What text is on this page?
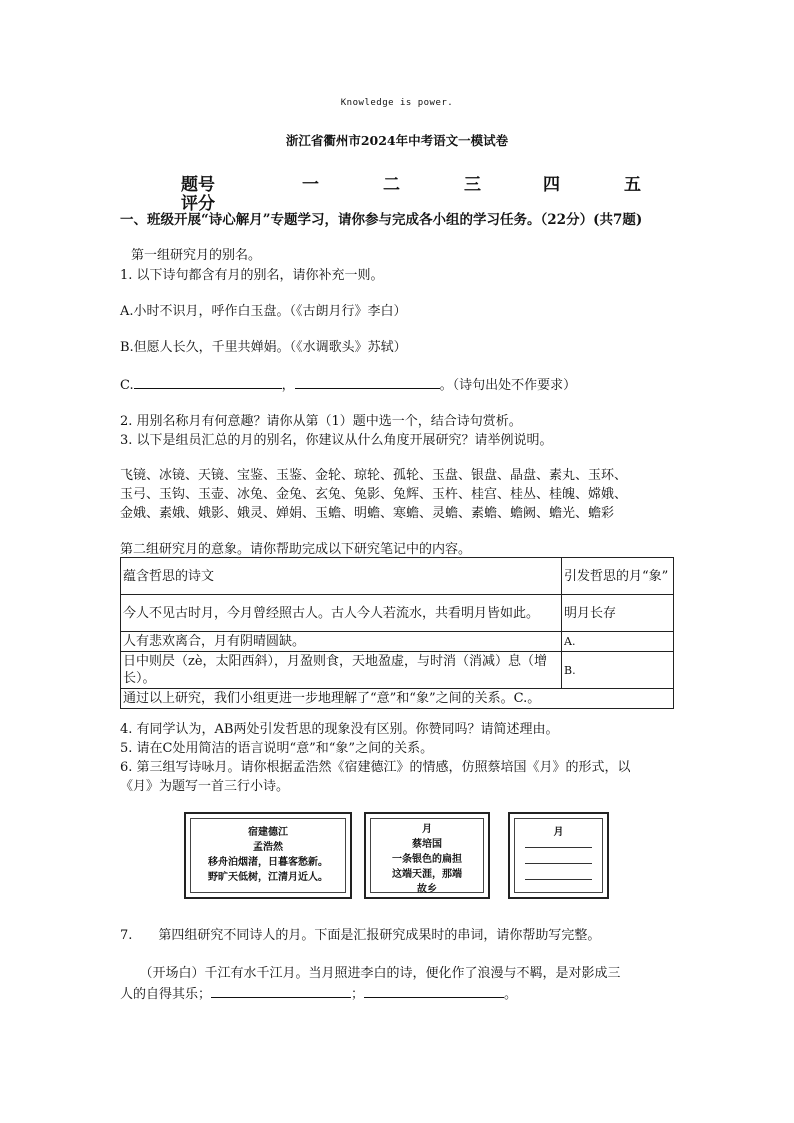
Knowledge is power.
浙江省衢州市2024年中考语文一模试卷
题号	一	二	三	四	五
评分
一、班级开展“诗心解月”专题学习，请你参与完成各小组的学习任务。（22分）(共7题)
第一组研究月的别名。
1. 以下诗句都含有月的别名，请你补充一则。
A.小时不识月，呼作白玉盘。（《古朗月行》李白）
B.但愿人长久，千里共婵娟。（《水调歌头》苏轼）
C.	，	。（诗句出处不作要求）
2. 用别名称月有何意趣？请你从第（1）题中选一个，结合诗句赏析。
3. 以下是组员汇总的月的别名，你建议从什么角度开展研究？请举例说明。
飞镜、冰镜、天镜、宝鉴、玉鉴、金轮、琼轮、孤轮、玉盘、银盘、晶盘、素丸、玉环、
玉弓、玉钩、玉壶、冰兔、金兔、玄兔、兔影、兔辉、玉杵、桂宫、桂丛、桂魄、嫦娥、
金娥、素娥、娥影、娥灵、婵娟、玉蟾、明蟾、寒蟾、灵蟾、素蟾、蟾阙、蟾光、蟾彩
第二组研究月的意象。请你帮助完成以下研究笔记中的内容。
蕴含哲思的诗文	引发哲思的月“象”
今人不见古时月，今月曾经照古人。古人今人若流水，共看明月皆如此。	明月长存
人有悲欢离合，月有阴晴圆缺。	A.
日中则昃（zè，太阳西斜），月盈则食，天地盈虚，与时消（消减）息（增长）。	B.
通过以上研究，我们小组更进一步地理解了“意”和“象”之间的关系。C.。	
4. 有同学认为，AB两处引发哲思的现象没有区别。你赞同吗？请简述理由。
5. 请在C处用简洁的语言说明“意”和“象”之间的关系。
6. 第三组写诗咏月。请你根据孟浩然《宿建德江》的情感，仿照蔡培国《月》的形式，以
《月》为题写一首三行小诗。
宿建德江
孟浩然
移舟泊烟渚，日暮客愁新。
野旷天低树，江清月近人。
月
蔡培国
一条银色的扁担
这端天涯，那端
故乡
月
7.　　第四组研究不同诗人的月。下面是汇报研究成果时的串词，请你帮助写完整。
　　（开场白）千江有水千江月。当月照进李白的诗，便化作了浪漫与不羁，是对影成三
人的自得其乐；	；	。
